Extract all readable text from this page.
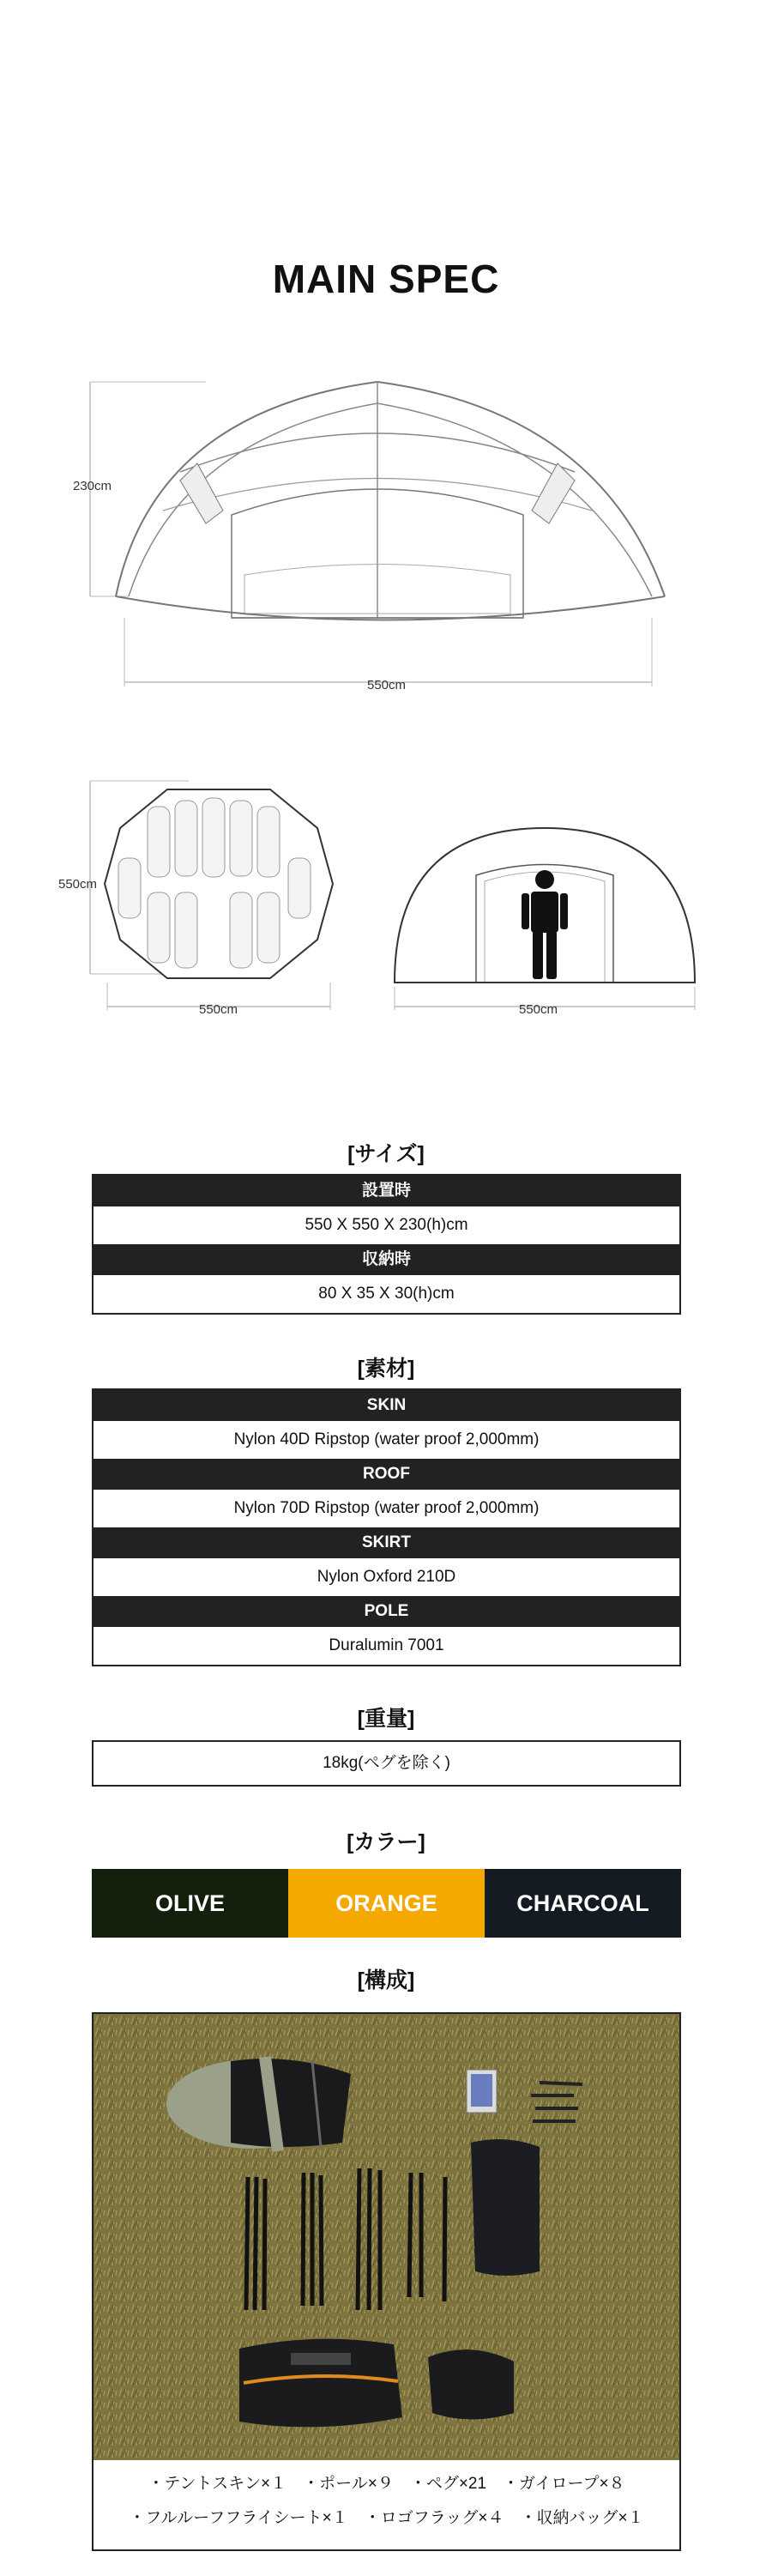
MAIN SPEC
230cm
550cm
550cm
550cm	550cm
[サイズ]
設置時
550 X 550 X 230(h)cm
収納時
80 X 35 X 30(h)cm
[素材]
SKIN
Nylon 40D Ripstop (water proof 2,000mm)
ROOF
Nylon 70D Ripstop (water proof 2,000mm)
SKIRT
Nylon Oxford 210D
POLE
Duralumin 7001
[重量]
18kg(ペグを除く)
[カラー]
OLIVE	ORANGE	CHARCOAL
[構成]
・テントスキン×１　・ポール×９　・ペグ×21　・ガイロープ×８
・フルルーフフライシート×１　・ロゴフラッグ×４　・収納バッグ×１
